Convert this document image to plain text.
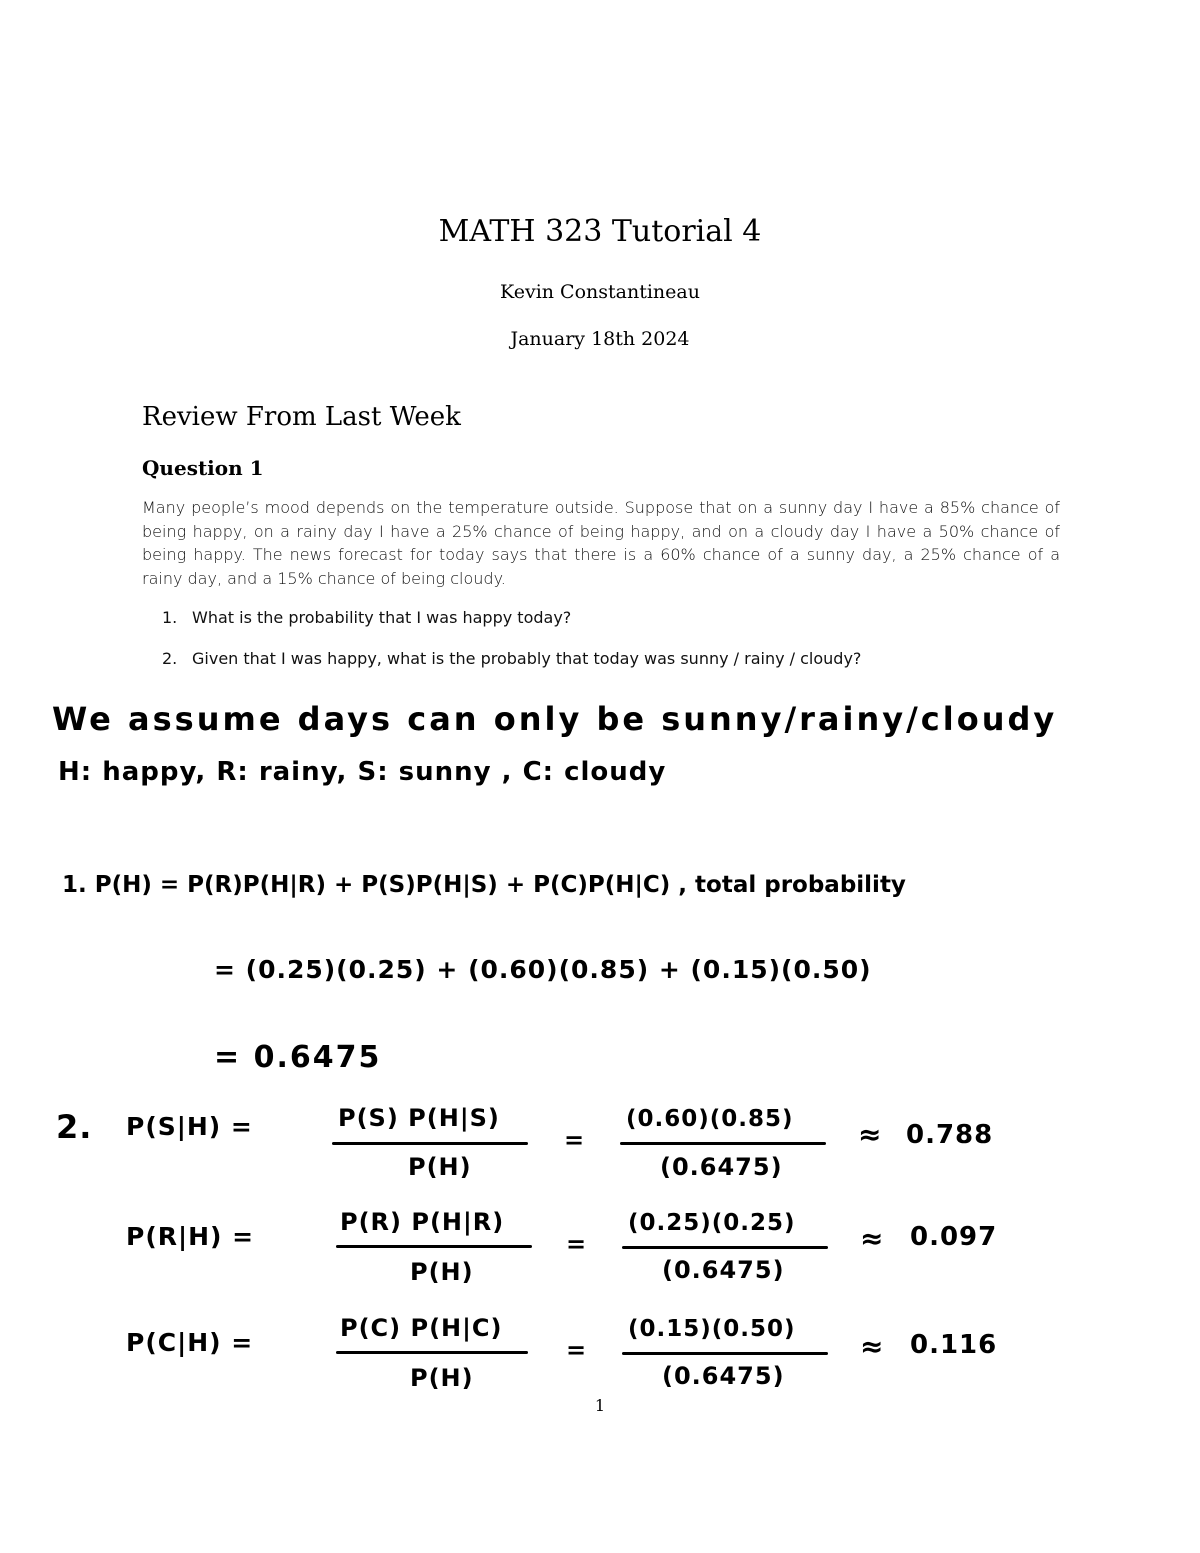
MATH 323 Tutorial 4
Kevin Constantineau
January 18th 2024
Review From Last Week
Question 1
Many people’s mood depends on the temperature outside. Suppose that on a sunny day I have a 85% chance of being happy, on a rainy day I have a 25% chance of being happy, and on a cloudy day I have a 50% chance of being happy. The news forecast for today says that there is a 60% chance of a sunny day, a 25% chance of a rainy day, and a 15% chance of being cloudy.
1. What is the probability that I was happy today?
2. Given that I was happy, what is the probably that today was sunny / rainy / cloudy?
We assume days can only be sunny/rainy/cloudy
H: happy, R: rainy, S: sunny , C: cloudy
1. P(H) = P(R)P(H|R) + P(S)P(H|S) + P(C)P(H|C) , total probability
= (0.25)(0.25) + (0.60)(0.85) + (0.15)(0.50)
= 0.6475
2. P(S|H) =	P(S) P(H|S)
P(H)
=
(0.60)(0.85)
(0.6475)
≈ 0.788
P(R|H) =	P(R) P(H|R)
P(H)
=
(0.25)(0.25)
(0.6475)
≈ 0.097
P(C|H) =	P(C) P(H|C)
P(H)
=
(0.15)(0.50)
(0.6475)
≈ 0.116
1
